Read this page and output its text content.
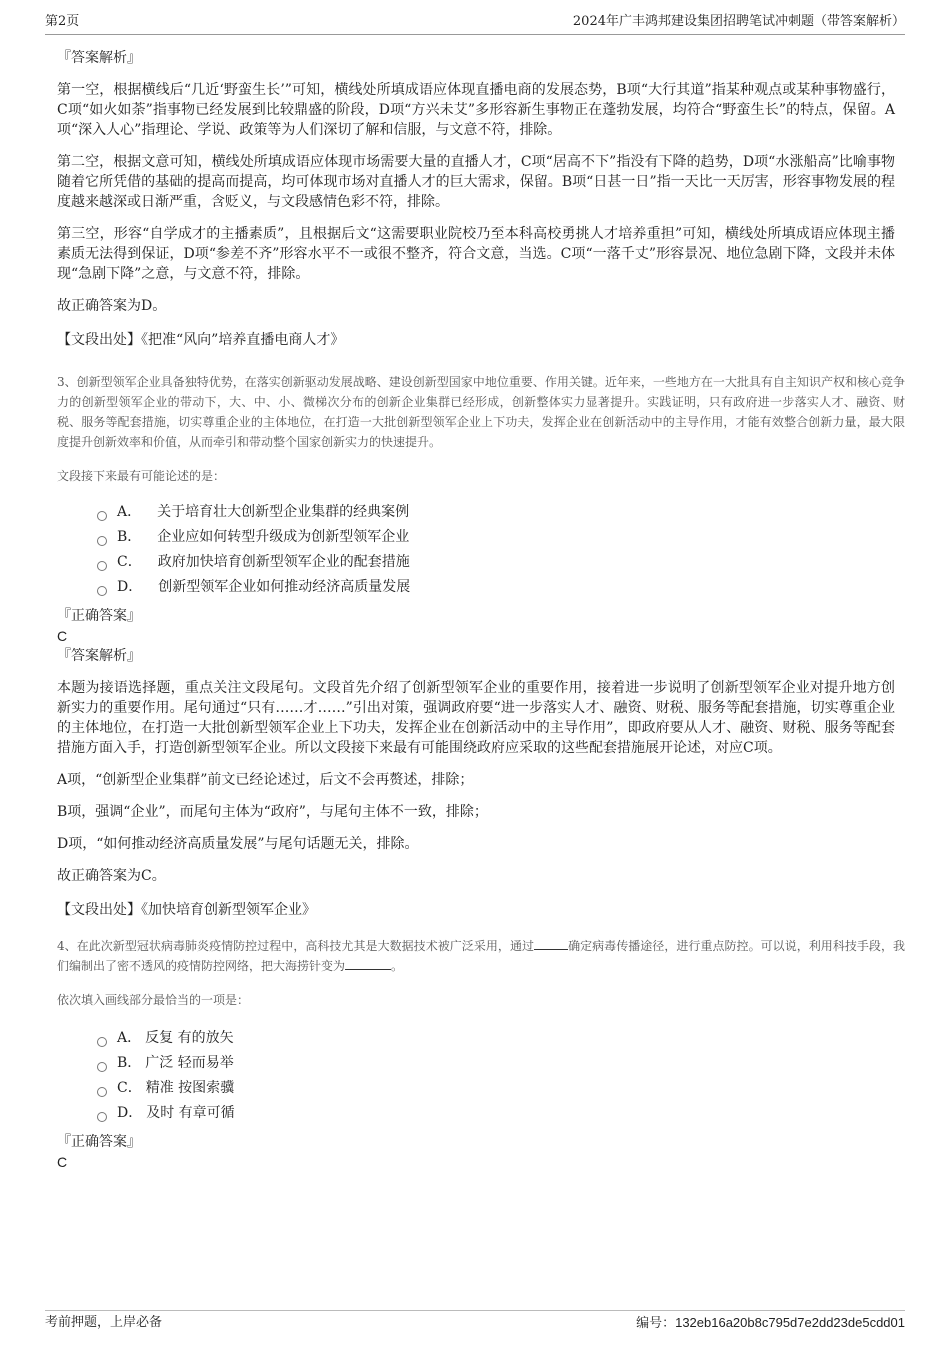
第2页	2024年广丰鸿邦建设集团招聘笔试冲刺题（带答案解析）
『答案解析』

第一空，根据横线后“几近‘野蛮生长’”可知，横线处所填成语应体现直播电商的发展态势，B项“大行其道”指某种观点或某种事物盛行，C项“如火如荼”指事物已经发展到比较鼎盛的阶段，D项“方兴未艾”多形容新生事物正在蓬勃发展，均符合“野蛮生长”的特点，保留。A项“深入人心”指理论、学说、政策等为人们深切了解和信服，与文意不符，排除。

第二空，根据文意可知，横线处所填成语应体现市场需要大量的直播人才，C项“居高不下”指没有下降的趋势，D项“水涨船高”比喻事物随着它所凭借的基础的提高而提高，均可体现市场对直播人才的巨大需求，保留。B项“日甚一日”指一天比一天厉害，形容事物发展的程度越来越深或日渐严重，含贬义，与文段感情色彩不符，排除。

第三空，形容“自学成才的主播素质”，且根据后文“这需要职业院校乃至本科高校勇挑人才培养重担”可知，横线处所填成语应体现主播素质无法得到保证，D项“参差不齐”形容水平不一或很不整齐，符合文意，当选。C项“一落千丈”形容景况、地位急剧下降，文段并未体现“急剧下降”之意，与文意不符，排除。

故正确答案为D。

【文段出处】《把准“风向”培养直播电商人才》

3、创新型领军企业具备独特优势，在落实创新驱动发展战略、建设创新型国家中地位重要、作用关键。近年来，一些地方在一大批具有自主知识产权和核心竞争力的创新型领军企业的带动下，大、中、小、微梯次分布的创新企业集群已经形成，创新整体实力显著提升。实践证明，只有政府进一步落实人才、融资、财税、服务等配套措施，切实尊重企业的主体地位，在打造一大批创新型领军企业上下功夫，发挥企业在创新活动中的主导作用，才能有效整合创新力量，最大限度提升创新效率和价值，从而牵引和带动整个国家创新实力的快速提升。

文段接下来最有可能论述的是：
A． 关于培育壮大创新型企业集群的经典案例
B． 企业应如何转型升级成为创新型领军企业
C． 政府加快培育创新型领军企业的配套措施
D． 创新型领军企业如何推动经济高质量发展
『正确答案』
C
『答案解析』

本题为接语选择题，重点关注文段尾句。文段首先介绍了创新型领军企业的重要作用，接着进一步说明了创新型领军企业对提升地方创新实力的重要作用。尾句通过“只有……才……”引出对策，强调政府要“进一步落实人才、融资、财税、服务等配套措施，切实尊重企业的主体地位，在打造一大批创新型领军企业上下功夫，发挥企业在创新活动中的主导作用”，即政府要从人才、融资、财税、服务等配套措施方面入手，打造创新型领军企业。所以文段接下来最有可能围绕政府应采取的这些配套措施展开论述，对应C项。

A项，“创新型企业集群”前文已经论述过，后文不会再赘述，排除；

B项，强调“企业”，而尾句主体为“政府”，与尾句主体不一致，排除；

D项，“如何推动经济高质量发展”与尾句话题无关，排除。

故正确答案为C。

【文段出处】《加快培育创新型领军企业》

4、在此次新型冠状病毒肺炎疫情防控过程中，高科技尤其是大数据技术被广泛采用，通过	确定病毒传播途径，进行重点防控。可以说，利用科技手段，我们编制出了密不透风的疫情防控网络，把大海捞针变为	。

依次填入画线部分最恰当的一项是：
A． 反复 有的放矢
B． 广泛 轻而易举
C． 精准 按图索骥
D． 及时 有章可循
『正确答案』
C
考前押题，上岸必备	编号：132eb16a20b8c795d7e2dd23de5cdd01
